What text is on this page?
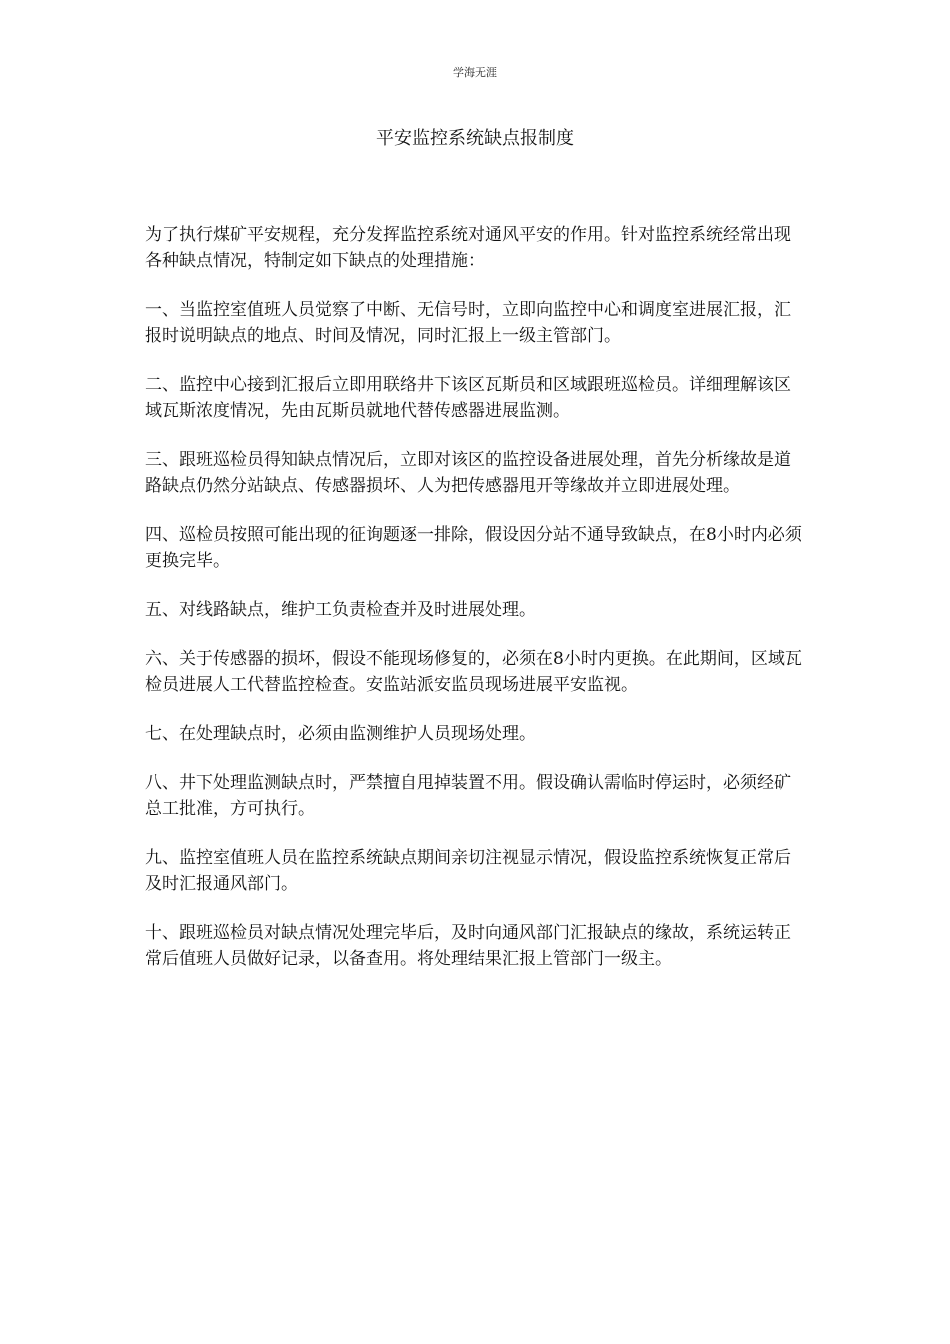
学海无涯
平安监控系统缺点报制度

为了执行煤矿平安规程，充分发挥监控系统对通风平安的作用。针对监控系统经常出现各种缺点情况，特制定如下缺点的处理措施：

一、当监控室值班人员觉察了中断、无信号时，立即向监控中心和调度室进展汇报，汇报时说明缺点的地点、时间及情况，同时汇报上一级主管部门。

二、监控中心接到汇报后立即用联络井下该区瓦斯员和区域跟班巡检员。详细理解该区域瓦斯浓度情况，先由瓦斯员就地代替传感器进展监测。

三、跟班巡检员得知缺点情况后，立即对该区的监控设备进展处理，首先分析缘故是道路缺点仍然分站缺点、传感器损坏、人为把传感器甩开等缘故并立即进展处理。

四、巡检员按照可能出现的征询题逐一排除，假设因分站不通导致缺点，在8小时内必须更换完毕。

五、对线路缺点，维护工负责检查并及时进展处理。

六、关于传感器的损坏，假设不能现场修复的，必须在8小时内更换。在此期间，区域瓦检员进展人工代替监控检查。安监站派安监员现场进展平安监视。

七、在处理缺点时，必须由监测维护人员现场处理。

八、井下处理监测缺点时，严禁擅自甩掉装置不用。假设确认需临时停运时，必须经矿总工批准，方可执行。

九、监控室值班人员在监控系统缺点期间亲切注视显示情况，假设监控系统恢复正常后及时汇报通风部门。

十、跟班巡检员对缺点情况处理完毕后，及时向通风部门汇报缺点的缘故，系统运转正常后值班人员做好记录，以备查用。将处理结果汇报上管部门一级主。
